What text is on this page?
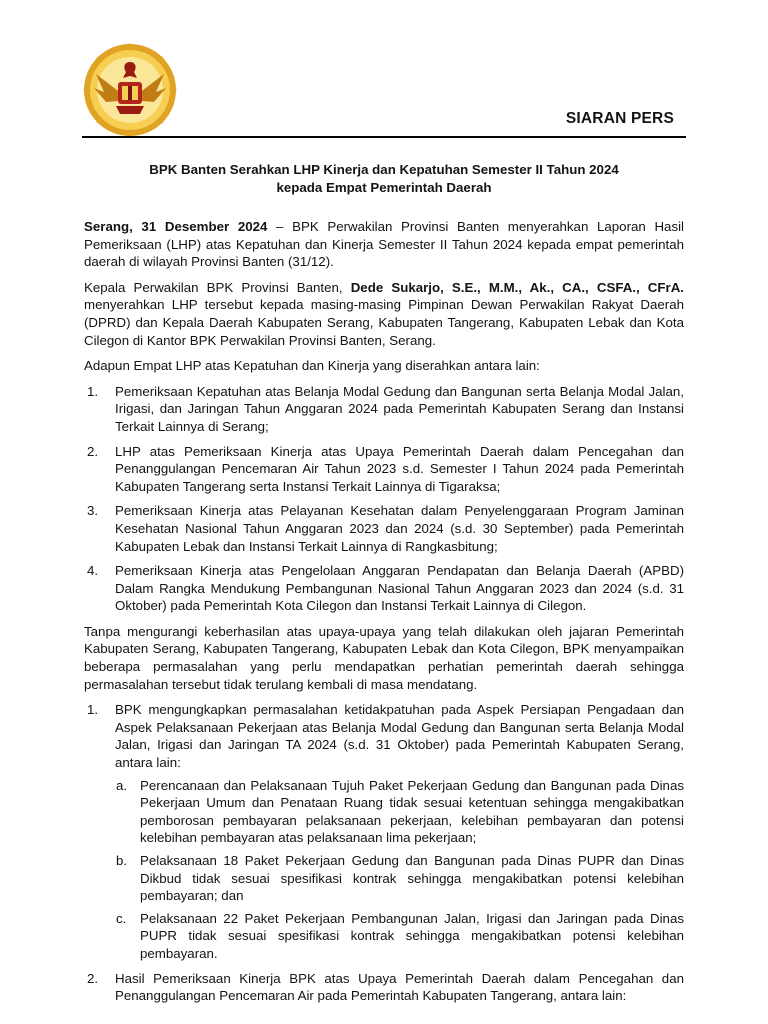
SIARAN PERS
BPK Banten Serahkan LHP Kinerja dan Kepatuhan Semester II Tahun 2024
kepada Empat Pemerintah Daerah

Serang, 31 Desember 2024 – BPK Perwakilan Provinsi Banten menyerahkan Laporan Hasil Pemeriksaan (LHP) atas Kepatuhan dan Kinerja Semester II Tahun 2024 kepada empat pemerintah daerah di wilayah Provinsi Banten (31/12).

Kepala Perwakilan BPK Provinsi Banten, Dede Sukarjo, S.E., M.M., Ak., CA., CSFA., CFrA. menyerahkan LHP tersebut kepada masing-masing Pimpinan Dewan Perwakilan Rakyat Daerah (DPRD) dan Kepala Daerah Kabupaten Serang, Kabupaten Tangerang, Kabupaten Lebak dan Kota Cilegon di Kantor BPK Perwakilan Provinsi Banten, Serang.

Adapun Empat LHP atas Kepatuhan dan Kinerja yang diserahkan antara lain:

1. Pemeriksaan Kepatuhan atas Belanja Modal Gedung dan Bangunan serta Belanja Modal Jalan, Irigasi, dan Jaringan Tahun Anggaran 2024 pada Pemerintah Kabupaten Serang dan Instansi Terkait Lainnya di Serang;
2. LHP atas Pemeriksaan Kinerja atas Upaya Pemerintah Daerah dalam Pencegahan dan Penanggulangan Pencemaran Air Tahun 2023 s.d. Semester I Tahun 2024 pada Pemerintah Kabupaten Tangerang serta Instansi Terkait Lainnya di Tigaraksa;
3. Pemeriksaan Kinerja atas Pelayanan Kesehatan dalam Penyelenggaraan Program Jaminan Kesehatan Nasional Tahun Anggaran 2023 dan 2024 (s.d. 30 September) pada Pemerintah Kabupaten Lebak dan Instansi Terkait Lainnya di Rangkasbitung;
4. Pemeriksaan Kinerja atas Pengelolaan Anggaran Pendapatan dan Belanja Daerah (APBD) Dalam Rangka Mendukung Pembangunan Nasional Tahun Anggaran 2023 dan 2024 (s.d. 31 Oktober) pada Pemerintah Kota Cilegon dan Instansi Terkait Lainnya di Cilegon.

Tanpa mengurangi keberhasilan atas upaya-upaya yang telah dilakukan oleh jajaran Pemerintah Kabupaten Serang, Kabupaten Tangerang, Kabupaten Lebak dan Kota Cilegon, BPK menyampaikan beberapa permasalahan yang perlu mendapatkan perhatian pemerintah daerah sehingga permasalahan tersebut tidak terulang kembali di masa mendatang.

1. BPK mengungkapkan permasalahan ketidakpatuhan pada Aspek Persiapan Pengadaan dan Aspek Pelaksanaan Pekerjaan atas Belanja Modal Gedung dan Bangunan serta Belanja Modal Jalan, Irigasi dan Jaringan TA 2024 (s.d. 31 Oktober) pada Pemerintah Kabupaten Serang, antara lain:
a. Perencanaan dan Pelaksanaan Tujuh Paket Pekerjaan Gedung dan Bangunan pada Dinas Pekerjaan Umum dan Penataan Ruang tidak sesuai ketentuan sehingga mengakibatkan pemborosan pembayaran pelaksanaan pekerjaan, kelebihan pembayaran dan potensi kelebihan pembayaran atas pelaksanaan lima pekerjaan;
b. Pelaksanaan 18 Paket Pekerjaan Gedung dan Bangunan pada Dinas PUPR dan Dinas Dikbud tidak sesuai spesifikasi kontrak sehingga mengakibatkan potensi kelebihan pembayaran; dan
c. Pelaksanaan 22 Paket Pekerjaan Pembangunan Jalan, Irigasi dan Jaringan pada Dinas PUPR tidak sesuai spesifikasi kontrak sehingga mengakibatkan potensi kelebihan pembayaran.
2. Hasil Pemeriksaan Kinerja BPK atas Upaya Pemerintah Daerah dalam Pencegahan dan Penanggulangan Pencemaran Air pada Pemerintah Kabupaten Tangerang, antara lain:
